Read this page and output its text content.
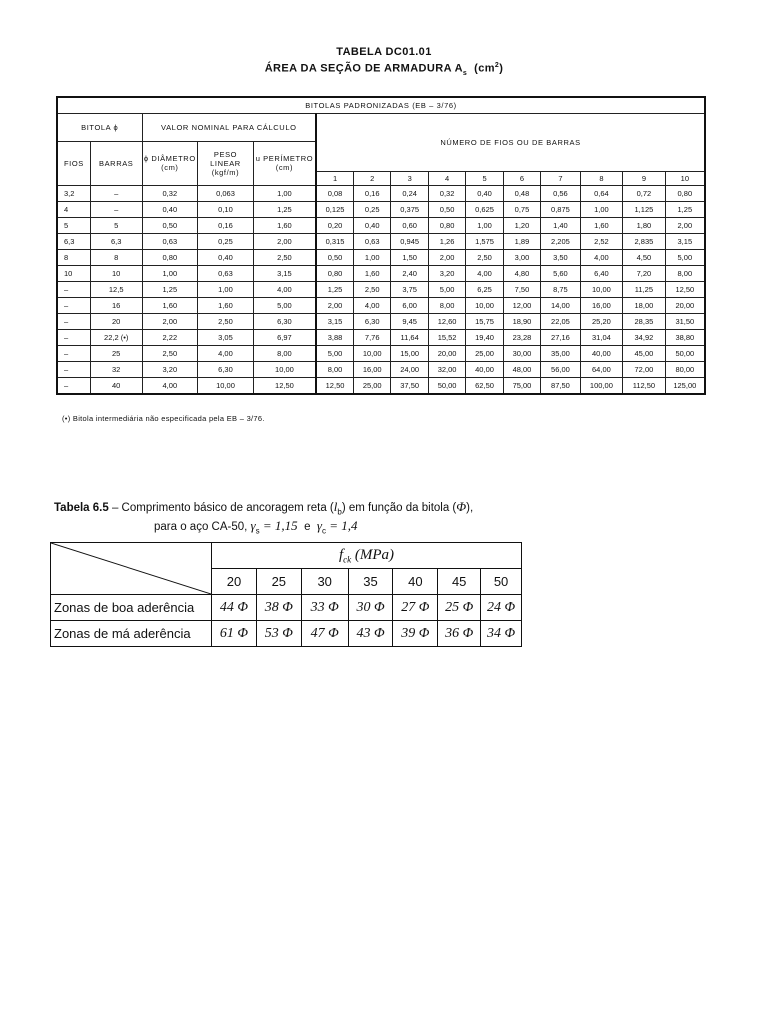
TABELA DC01.01
ÁREA DA SEÇÃO DE ARMADURA $A_s$ $(cm^2)$
BITOLAS PADRONIZADAS (EB – 3/76)														
BITOLA ϕ		VALOR NOMINAL PARA CÁLCULO			NÚMERO DE FIOS OU DE BARRAS									
FIOS	BARRAS	ϕ DIÂMETRO (cm)	PESO LINEAR (kgf/m)	u PERÍMETRO (cm)										
					1	2	3	4	5	6	7	8	9	10
3,2	–	0,32	0,063	1,00	0,08	0,16	0,24	0,32	0,40	0,48	0,56	0,64	0,72	0,80
4	–	0,40	0,10	1,25	0,125	0,25	0,375	0,50	0,625	0,75	0,875	1,00	1,125	1,25
5	5	0,50	0,16	1,60	0,20	0,40	0,60	0,80	1,00	1,20	1,40	1,60	1,80	2,00
6,3	6,3	0,63	0,25	2,00	0,315	0,63	0,945	1,26	1,575	1,89	2,205	2,52	2,835	3,15
8	8	0,80	0,40	2,50	0,50	1,00	1,50	2,00	2,50	3,00	3,50	4,00	4,50	5,00
10	10	1,00	0,63	3,15	0,80	1,60	2,40	3,20	4,00	4,80	5,60	6,40	7,20	8,00
–	12,5	1,25	1,00	4,00	1,25	2,50	3,75	5,00	6,25	7,50	8,75	10,00	11,25	12,50
–	16	1,60	1,60	5,00	2,00	4,00	6,00	8,00	10,00	12,00	14,00	16,00	18,00	20,00
–	20	2,00	2,50	6,30	3,15	6,30	9,45	12,60	15,75	18,90	22,05	25,20	28,35	31,50
–	22,2 (•)	2,22	3,05	6,97	3,88	7,76	11,64	15,52	19,40	23,28	27,16	31,04	34,92	38,80
–	25	2,50	4,00	8,00	5,00	10,00	15,00	20,00	25,00	30,00	35,00	40,00	45,00	50,00
–	32	3,20	6,30	10,00	8,00	16,00	24,00	32,00	40,00	48,00	56,00	64,00	72,00	80,00
–	40	4,00	10,00	12,50	12,50	25,00	37,50	50,00	62,50	75,00	87,50	100,00	112,50	125,00
(•) Bitola intermediária não especificada pela EB – 3/76.
Tabela 6.5 – Comprimento básico de ancoragem reta $(l_b)$ em função da bitola (Φ),
para o aço CA-50, $\gamma_s = 1,15$  e  $\gamma_c = 1,4$
	$f_{ck}$ (MPa)						
	20	25	30	35	40	45	50
Zonas de boa aderência	44 Φ	38 Φ	33 Φ	30 Φ	27 Φ	25 Φ	24 Φ
Zonas de má aderência	61 Φ	53 Φ	47 Φ	43 Φ	39 Φ	36 Φ	34 Φ
